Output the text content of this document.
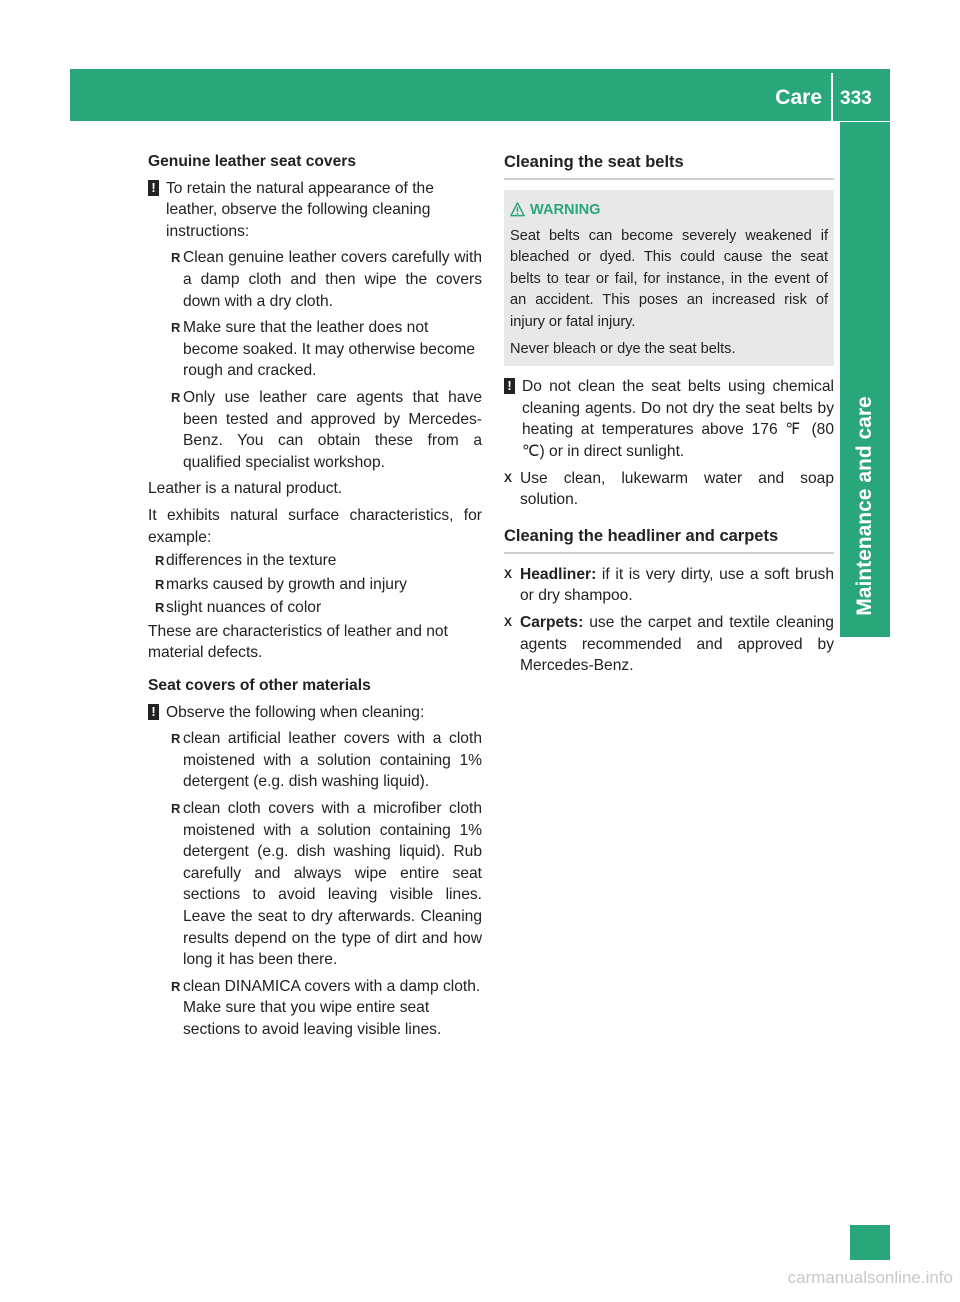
Care 333
Maintenance and care

Genuine leather seat covers

! To retain the natural appearance of the leather, observe the following cleaning instructions:
R Clean genuine leather covers carefully with a damp cloth and then wipe the covers down with a dry cloth.
R Make sure that the leather does not become soaked. It may otherwise become rough and cracked.
R Only use leather care agents that have been tested and approved by Mercedes-Benz. You can obtain these from a qualified specialist workshop.

Leather is a natural product.

It exhibits natural surface characteristics, for example:

R differences in the texture
R marks caused by growth and injury
R slight nuances of color

These are characteristics of leather and not material defects.

Seat covers of other materials

! Observe the following when cleaning:
R clean artificial leather covers with a cloth moistened with a solution containing 1% detergent (e.g. dish washing liquid).
R clean cloth covers with a microfiber cloth moistened with a solution containing 1% detergent (e.g. dish washing liquid). Rub carefully and always wipe entire seat sections to avoid leaving visible lines. Leave the seat to dry afterwards. Cleaning results depend on the type of dirt and how long it has been there.
R clean DINAMICA covers with a damp cloth. Make sure that you wipe entire seat sections to avoid leaving visible lines.

Cleaning the seat belts

WARNING

Seat belts can become severely weakened if bleached or dyed. This could cause the seat belts to tear or fail, for instance, in the event of an accident. This poses an increased risk of injury or fatal injury.

Never bleach or dye the seat belts.

! Do not clean the seat belts using chemical cleaning agents. Do not dry the seat belts by heating at temperatures above 176 ℉ (80 ℃) or in direct sunlight.
X Use clean, lukewarm water and soap solution.

Cleaning the headliner and carpets

X Headliner: if it is very dirty, use a soft brush or dry shampoo.
X Carpets: use the carpet and textile cleaning agents recommended and approved by Mercedes-Benz.
carmanualsonline.info
